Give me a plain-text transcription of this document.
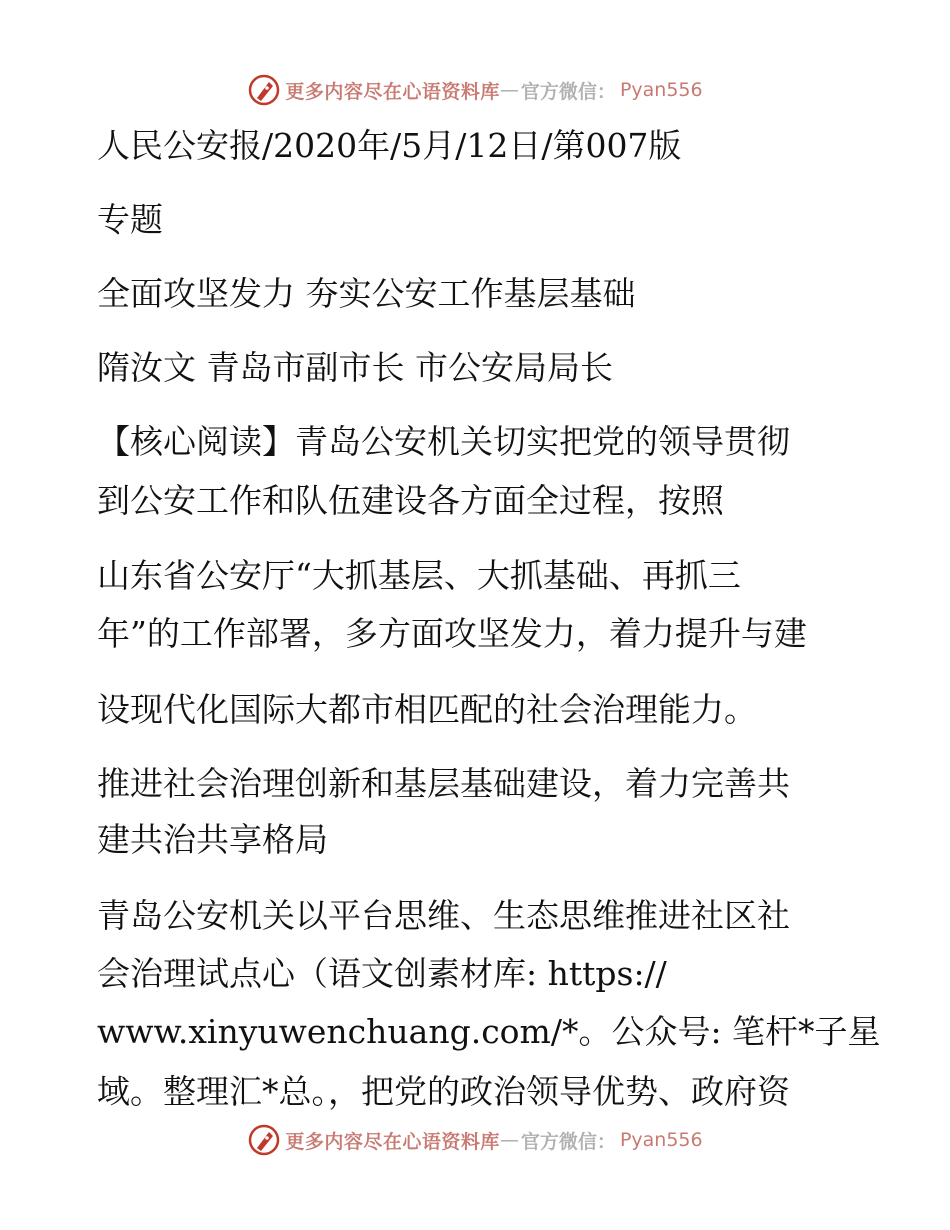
更多内容尽在心语资料库 — 官方微信： Pyan556
人民公安报/2020年/5月/12日/第007版
专题
全面攻坚发力 夯实公安工作基层基础
隋汝文 青岛市副市长 市公安局局长
【核心阅读】青岛公安机关切实把党的领导贯彻
到公安工作和队伍建设各方面全过程，按照
山东省公安厅“大抓基层、大抓基础、再抓三
年”的工作部署，多方面攻坚发力，着力提升与建
设现代化国际大都市相匹配的社会治理能力。
推进社会治理创新和基层基础建设，着力完善共
建共治共享格局
青岛公安机关以平台思维、生态思维推进社区社
会治理试点心（语文创素材库: https://
www.xinyuwenchuang.com/*。公众号: 笔杆*子星
域。整理汇*总。，把党的政治领导优势、政府资
更多内容尽在心语资料库 — 官方微信： Pyan556
